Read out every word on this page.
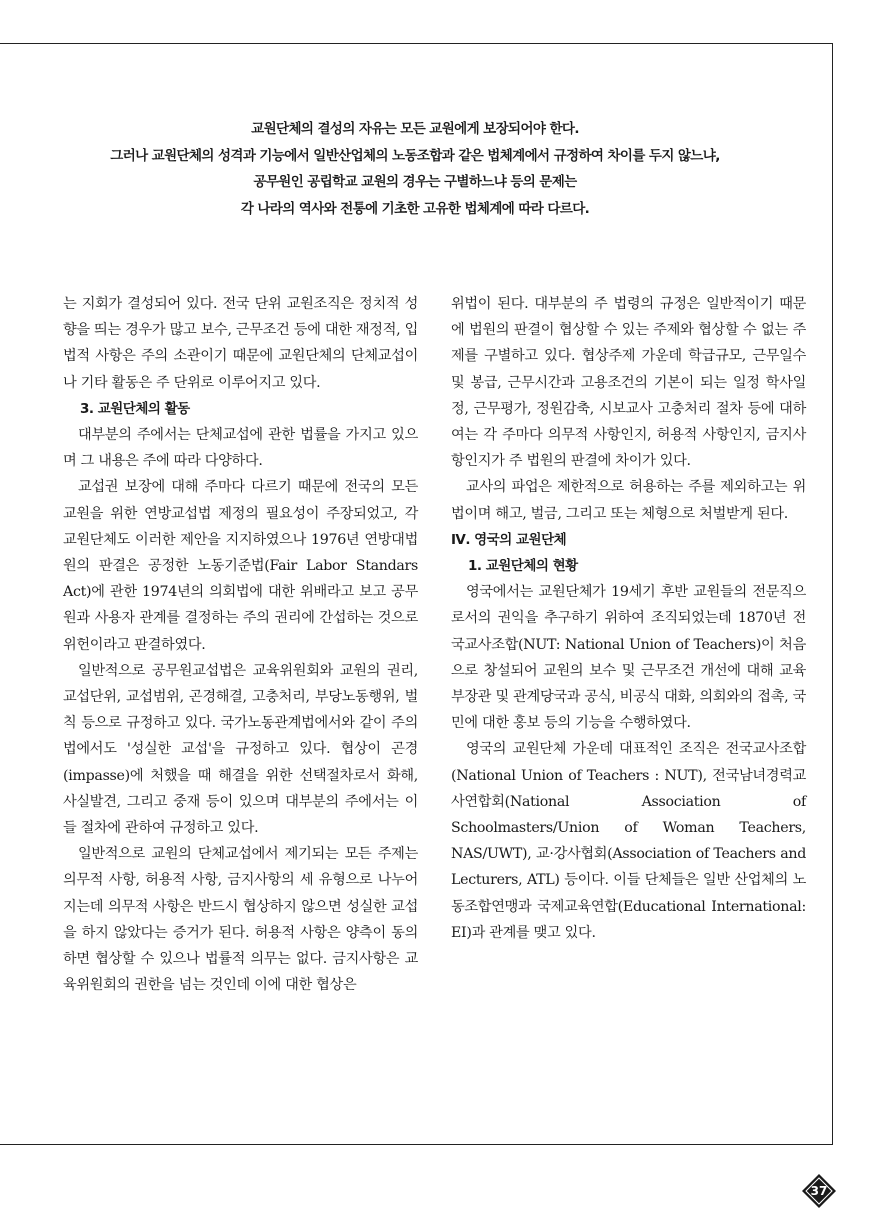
교원단체의 결성의 자유는 모든 교원에게 보장되어야 한다.

그러나 교원단체의 성격과 기능에서 일반산업체의 노동조합과 같은 법체계에서 규정하여 차이를 두지 않느냐,

공무원인 공립학교 교원의 경우는 구별하느냐 등의 문제는

각 나라의 역사와 전통에 기초한 고유한 법체계에 따라 다르다.

는 지회가 결성되어 있다. 전국 단위 교원조직은 정치적 성향을 띄는 경우가 많고 보수, 근무조건 등에 대한 재정적, 입법적 사항은 주의 소관이기 때문에 교원단체의 단체교섭이나 기타 활동은 주 단위로 이루어지고 있다.

3. 교원단체의 활동

대부분의 주에서는 단체교섭에 관한 법률을 가지고 있으며 그 내용은 주에 따라 다양하다.

교섭권 보장에 대해 주마다 다르기 때문에 전국의 모든 교원을 위한 연방교섭법 제정의 필요성이 주장되었고, 각 교원단체도 이러한 제안을 지지하였으나 1976년 연방대법원의 판결은 공정한 노동기준법(Fair Labor Standars Act)에 관한 1974년의 의회법에 대한 위배라고 보고 공무원과 사용자 관계를 결정하는 주의 권리에 간섭하는 것으로 위헌이라고 판결하였다.

일반적으로 공무원교섭법은 교육위원회와 교원의 권리, 교섭단위, 교섭범위, 곤경해결, 고충처리, 부당노동행위, 벌칙 등으로 규정하고 있다. 국가노동관계법에서와 같이 주의 법에서도 '성실한 교섭'을 규정하고 있다. 협상이 곤경(impasse)에 처했을 때 해결을 위한 선택절차로서 화해, 사실발견, 그리고 중재 등이 있으며 대부분의 주에서는 이들 절차에 관하여 규정하고 있다.

일반적으로 교원의 단체교섭에서 제기되는 모든 주제는 의무적 사항, 허용적 사항, 금지사항의 세 유형으로 나누어지는데 의무적 사항은 반드시 협상하지 않으면 성실한 교섭을 하지 않았다는 증거가 된다. 허용적 사항은 양측이 동의하면 협상할 수 있으나 법률적 의무는 없다. 금지사항은 교육위원회의 권한을 넘는 것인데 이에 대한 협상은

위법이 된다. 대부분의 주 법령의 규정은 일반적이기 때문에 법원의 판결이 협상할 수 있는 주제와 협상할 수 없는 주제를 구별하고 있다. 협상주제 가운데 학급규모, 근무일수 및 봉급, 근무시간과 고용조건의 기본이 되는 일정 학사일정, 근무평가, 정원감축, 시보교사 고충처리 절차 등에 대하여는 각 주마다 의무적 사항인지, 허용적 사항인지, 금지사항인지가 주 법원의 판결에 차이가 있다.

교사의 파업은 제한적으로 허용하는 주를 제외하고는 위법이며 해고, 벌금, 그리고 또는 체형으로 처벌받게 된다.

Ⅳ. 영국의 교원단체

1. 교원단체의 현황

영국에서는 교원단체가 19세기 후반 교원들의 전문직으로서의 권익을 추구하기 위하여 조직되었는데 1870년 전국교사조합(NUT: National Union of Teachers)이 처음으로 창설되어 교원의 보수 및 근무조건 개선에 대해 교육부장관 및 관계당국과 공식, 비공식 대화, 의회와의 접촉, 국민에 대한 홍보 등의 기능을 수행하였다.

영국의 교원단체 가운데 대표적인 조직은 전국교사조합(National Union of Teachers : NUT), 전국남녀경력교사연합회(National Association of Schoolmasters/Union of Woman Teachers, NAS/UWT), 교·강사협회(Association of Teachers and Lecturers, ATL) 등이다. 이들 단체들은 일반 산업체의 노동조합연맹과 국제교육연합(Educational International: EI)과 관계를 맺고 있다.

37
